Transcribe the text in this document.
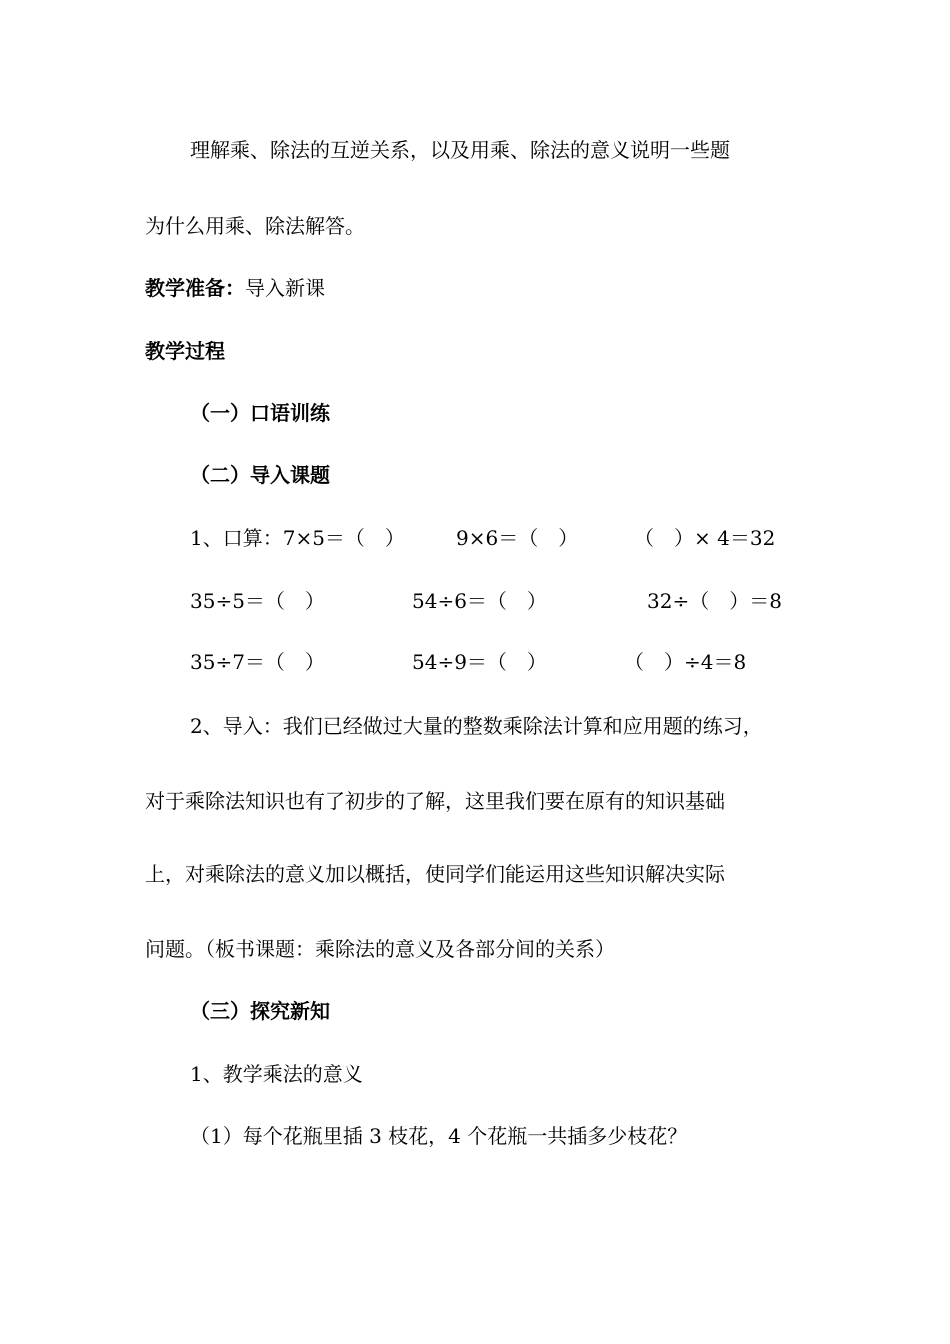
理解乘、除法的互逆关系，以及用乘、除法的意义说明一些题
为什么用乘、除法解答。
教学准备：导入新课
教学过程
（一）口语训练
（二）导入课题
1、口算：7×5＝（　）	9×6＝（　）	（　）× 4＝32
35÷5＝（　）	54÷6＝（　）	32÷（　）＝8
35÷7＝（　）	54÷9＝（　）	（　）÷4＝8
2、导入：我们已经做过大量的整数乘除法计算和应用题的练习，
对于乘除法知识也有了初步的了解，这里我们要在原有的知识基础
上，对乘除法的意义加以概括，使同学们能运用这些知识解决实际
问题。（板书课题：乘除法的意义及各部分间的关系）
（三）探究新知
1、教学乘法的意义
（1）每个花瓶里插 3 枝花，4 个花瓶一共插多少枝花？
